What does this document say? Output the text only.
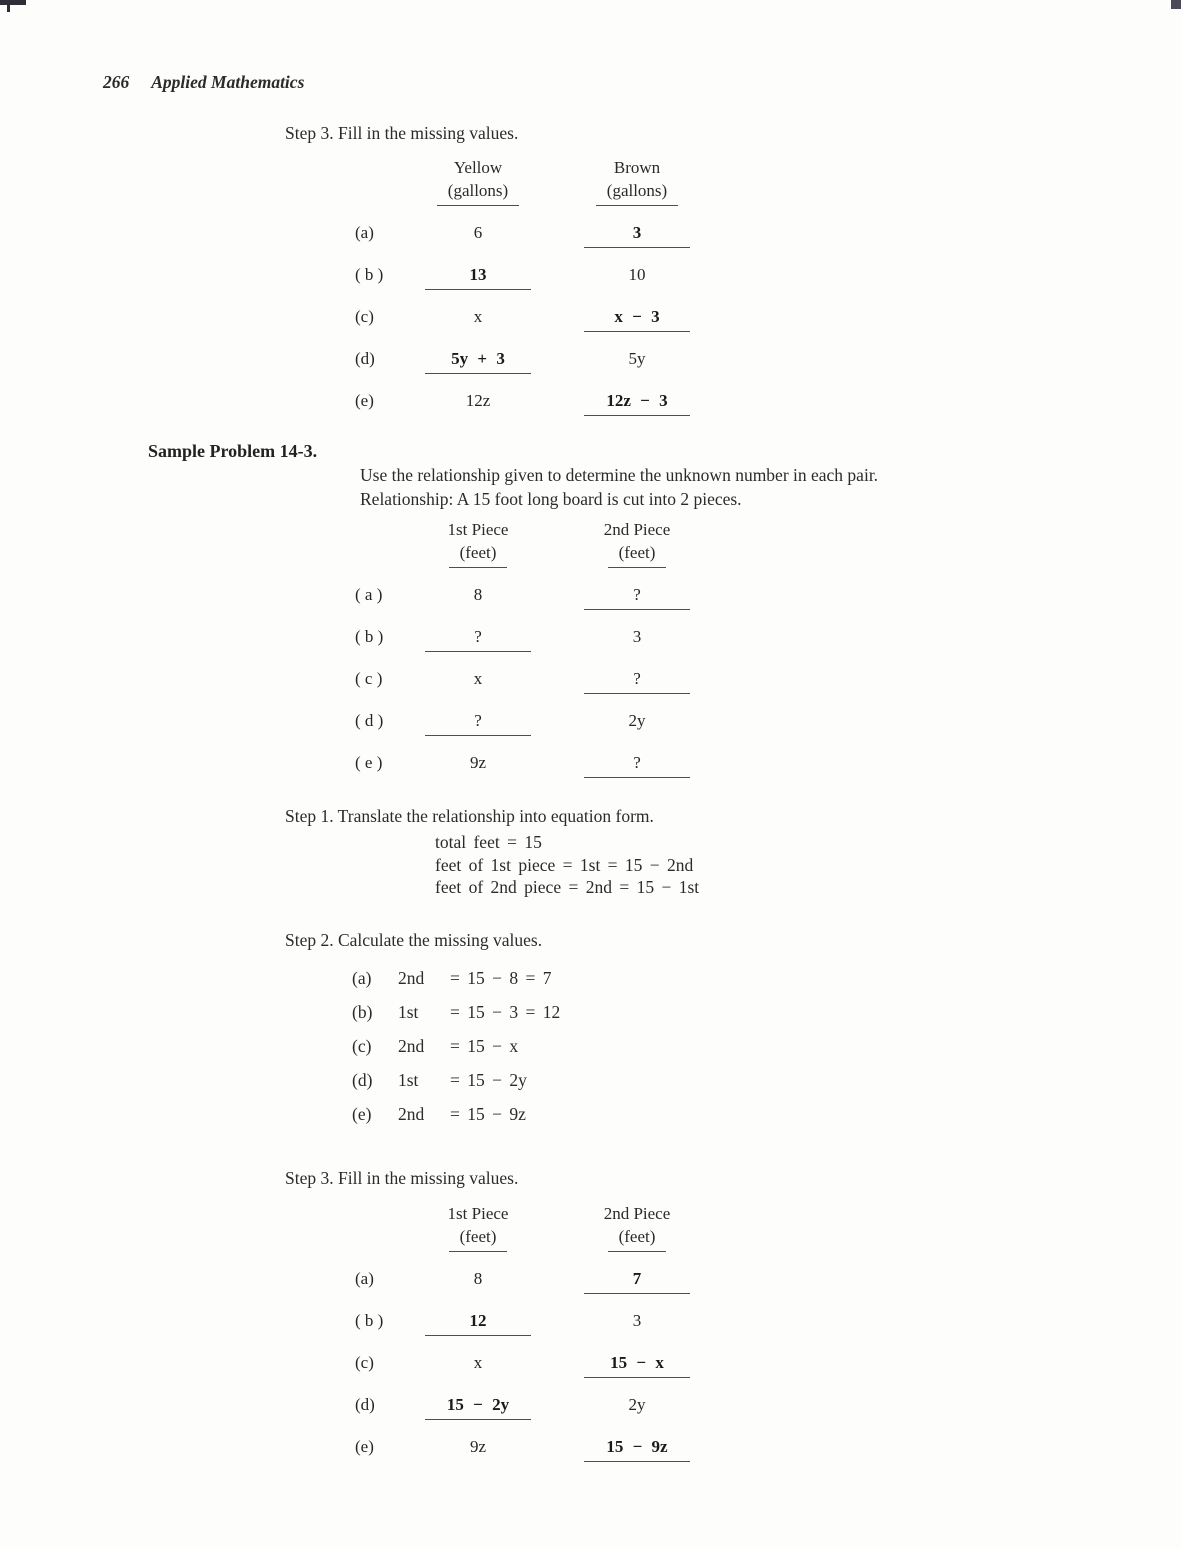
266 Applied Mathematics
Step 3. Fill in the missing values.
Yellow
(gallons)
Brown
(gallons)
(a)	6	3
( b )	13	10
(c)	x	x − 3
(d)	5y + 3	5y
(e)	12z	12z − 3
Sample Problem 14-3.
Use the relationship given to determine the unknown number in each pair.
Relationship: A 15 foot long board is cut into 2 pieces.
1st Piece
(feet)
2nd Piece
(feet)
( a )	8	?
( b )	?	3
( c )	x	?
( d )	?	2y
( e )	9z	?
Step 1. Translate the relationship into equation form.
total feet = 15
feet of 1st piece = 1st = 15 − 2nd
feet of 2nd piece = 2nd = 15 − 1st
Step 2. Calculate the missing values.
(a)	2nd	= 15 − 8 = 7
(b)	1st	= 15 − 3 = 12
(c)	2nd	= 15 − x
(d)	1st	= 15 − 2y
(e)	2nd	= 15 − 9z
Step 3. Fill in the missing values.
1st Piece
(feet)
2nd Piece
(feet)
(a)	8	7
( b )	12	3
(c)	x	15 − x
(d)	15 − 2y	2y
(e)	9z	15 − 9z
